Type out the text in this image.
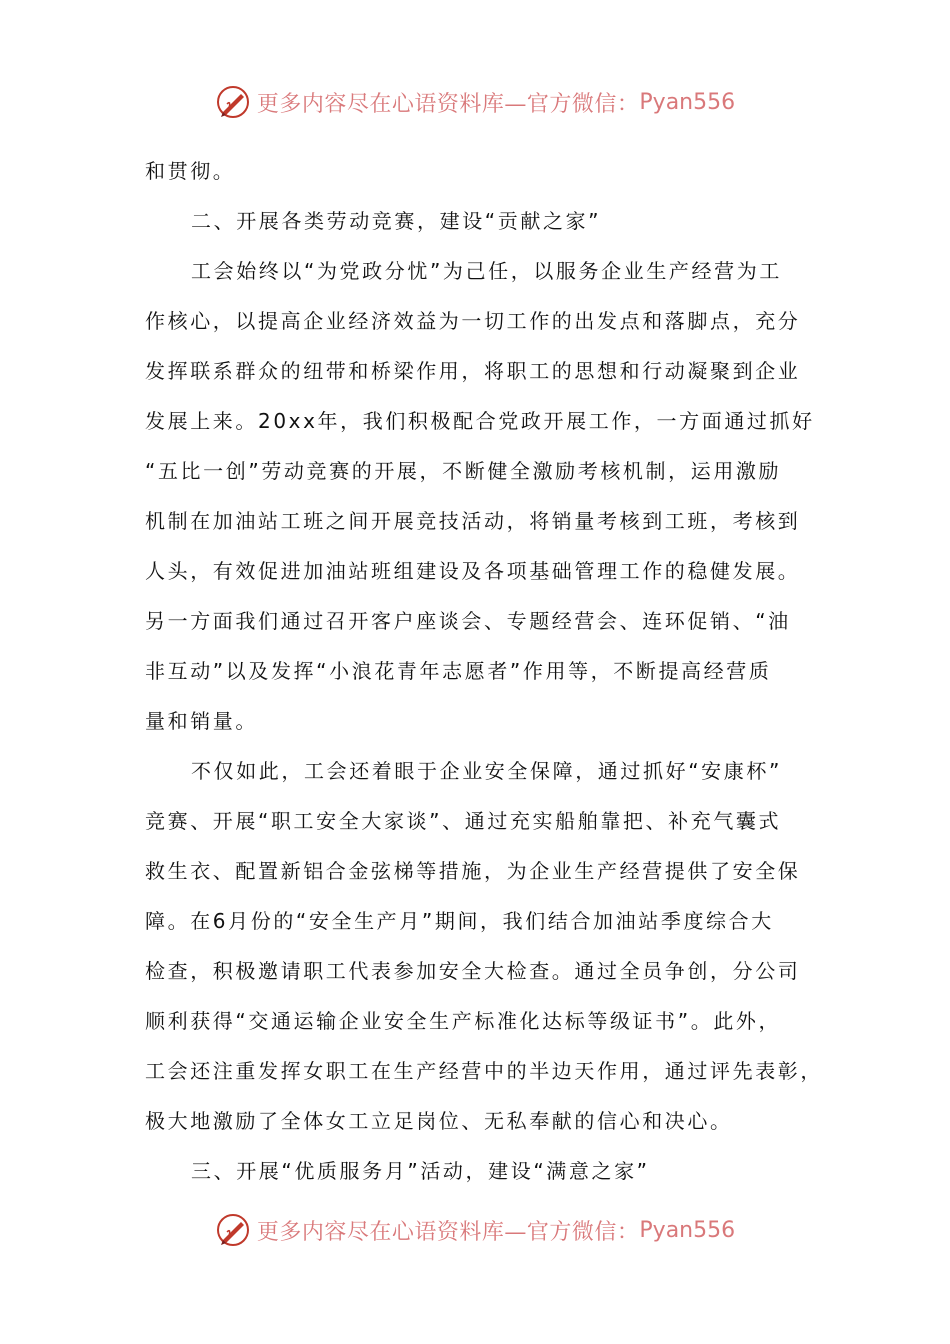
更多内容尽在心语资料库—官方微信： Pyan556
和贯彻。
二、开展各类劳动竞赛，建设“贡献之家”
工会始终以“为党政分忧”为己任，以服务企业生产经营为工
作核心，以提高企业经济效益为一切工作的出发点和落脚点，充分
发挥联系群众的纽带和桥梁作用，将职工的思想和行动凝聚到企业
发展上来。20xx年，我们积极配合党政开展工作，一方面通过抓好
“五比一创”劳动竞赛的开展，不断健全激励考核机制，运用激励
机制在加油站工班之间开展竞技活动，将销量考核到工班，考核到
人头，有效促进加油站班组建设及各项基础管理工作的稳健发展。
另一方面我们通过召开客户座谈会、专题经营会、连环促销、“油
非互动”以及发挥“小浪花青年志愿者”作用等，不断提高经营质
量和销量。
不仅如此，工会还着眼于企业安全保障，通过抓好“安康杯”
竞赛、开展“职工安全大家谈”、通过充实船舶靠把、补充气囊式
救生衣、配置新铝合金弦梯等措施，为企业生产经营提供了安全保
障。在6月份的“安全生产月”期间，我们结合加油站季度综合大
检查，积极邀请职工代表参加安全大检查。通过全员争创，分公司
顺利获得“交通运输企业安全生产标准化达标等级证书”。此外，
工会还注重发挥女职工在生产经营中的半边天作用，通过评先表彰，
极大地激励了全体女工立足岗位、无私奉献的信心和决心。
三、开展“优质服务月”活动，建设“满意之家”
更多内容尽在心语资料库—官方微信： Pyan556
